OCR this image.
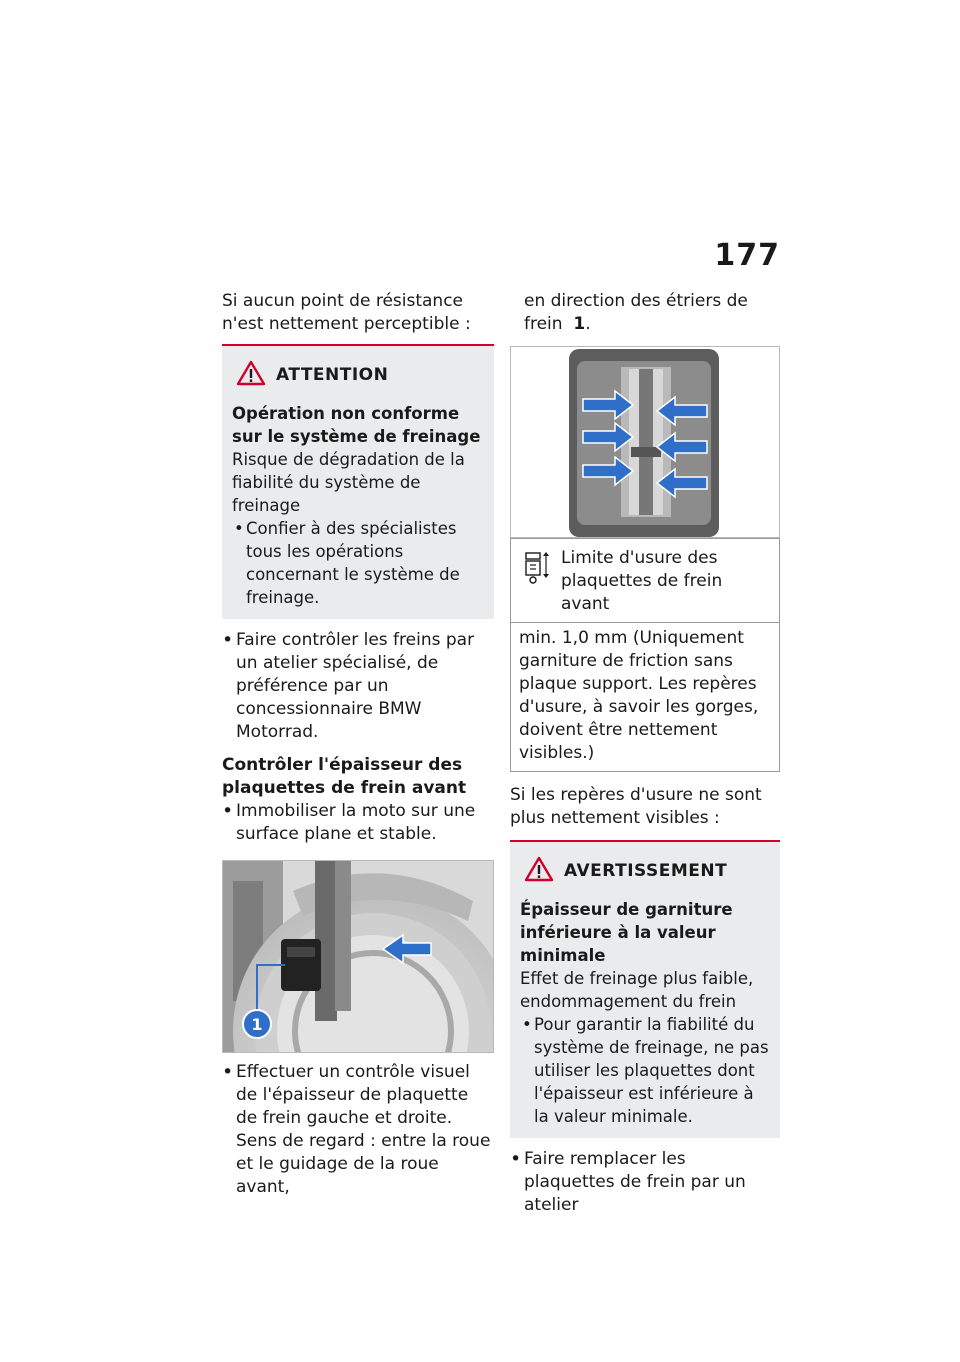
177

Si aucun point de résistance n'est nettement perceptible :

ATTENTION

Opération non conforme sur le système de freinage

Risque de dégradation de la fiabilité du système de freinage

• Confier à des spécialistes tous les opérations concernant le système de freinage.
• Faire contrôler les freins par un atelier spécialisé, de préférence par un concessionnaire BMW Motorrad.

Contrôler l'épaisseur des plaquettes de frein avant

• Immobiliser la moto sur une surface plane et stable.
1
• Effectuer un contrôle visuel de l'épaisseur de plaquette de frein gauche et droite. Sens de regard : entre la roue et le guidage de la roue avant,

en direction des étriers de frein 1.

Limite d'usure des plaquettes de frein avant

min. 1,0 mm (Uniquement garniture de friction sans plaque support. Les repères d'usure, à savoir les gorges, doivent être nettement visibles.)

Si les repères d'usure ne sont plus nettement visibles :

AVERTISSEMENT

Épaisseur de garniture inférieure à la valeur minimale

Effet de freinage plus faible, endommagement du frein

• Pour garantir la fiabilité du système de freinage, ne pas utiliser les plaquettes dont l'épaisseur est inférieure à la valeur minimale.
• Faire remplacer les plaquettes de frein par un atelier
